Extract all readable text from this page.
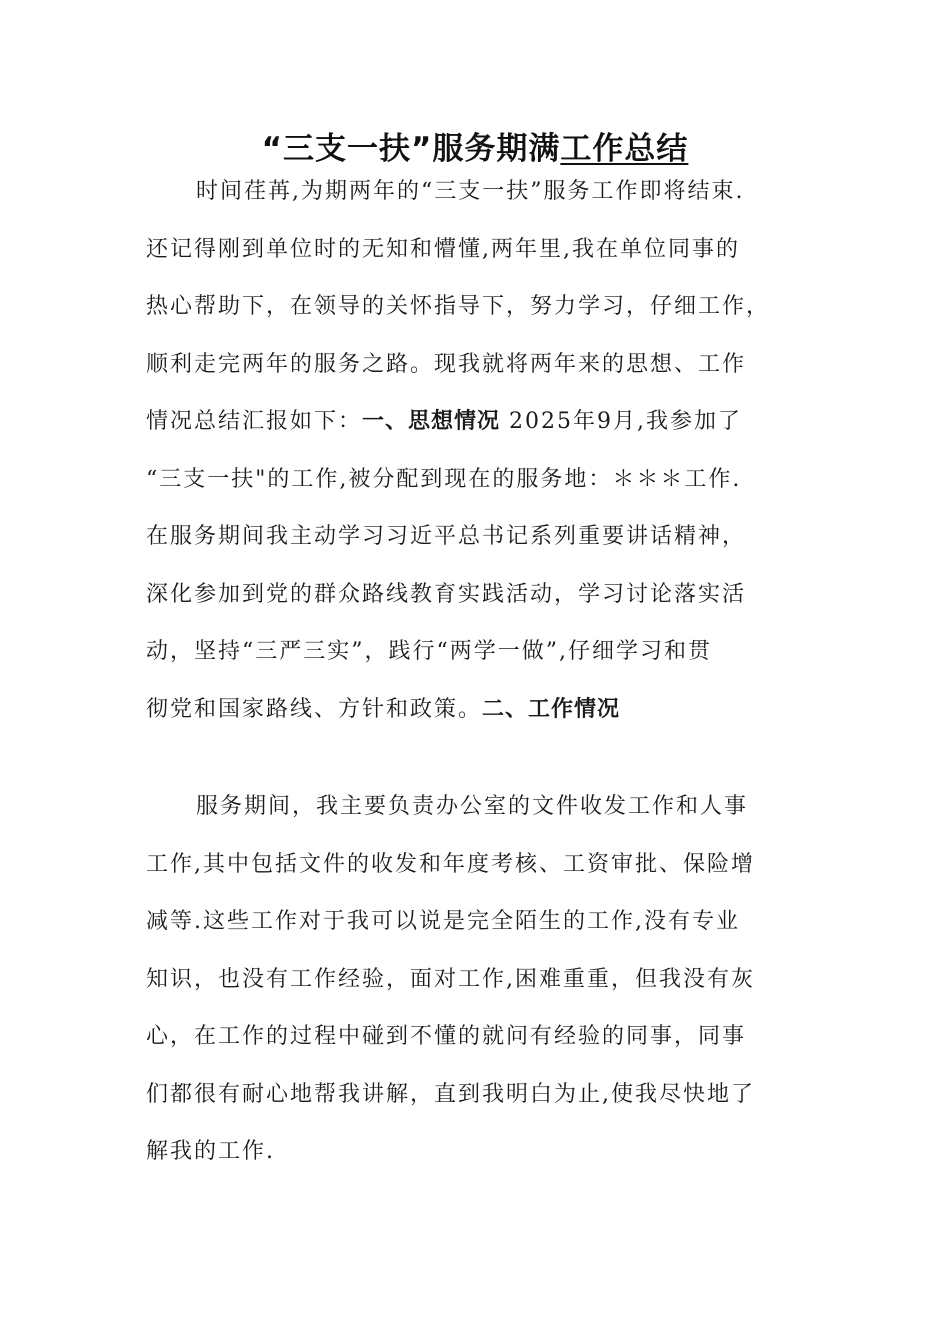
“三支一扶”服务期满工作总结
时间荏苒,为期两年的“三支一扶”服务工作即将结束.
还记得刚到单位时的无知和懵懂,两年里,我在单位同事的
热心帮助下，在领导的关怀指导下，努力学习，仔细工作，
顺利走完两年的服务之路。现我就将两年来的思想、工作
情况总结汇报如下：一、思想情况 2025年9月,我参加了
“三支一扶"的工作,被分配到现在的服务地：＊＊＊工作.
在服务期间我主动学习习近平总书记系列重要讲话精神，
深化参加到党的群众路线教育实践活动，学习讨论落实活
动，坚持“三严三实”，践行“两学一做”,仔细学习和贯
彻党和国家路线、方针和政策。二、工作情况
服务期间，我主要负责办公室的文件收发工作和人事
工作,其中包括文件的收发和年度考核、工资审批、保险增
减等.这些工作对于我可以说是完全陌生的工作,没有专业
知识，也没有工作经验，面对工作,困难重重，但我没有灰
心，在工作的过程中碰到不懂的就问有经验的同事，同事
们都很有耐心地帮我讲解，直到我明白为止,使我尽快地了
解我的工作.
